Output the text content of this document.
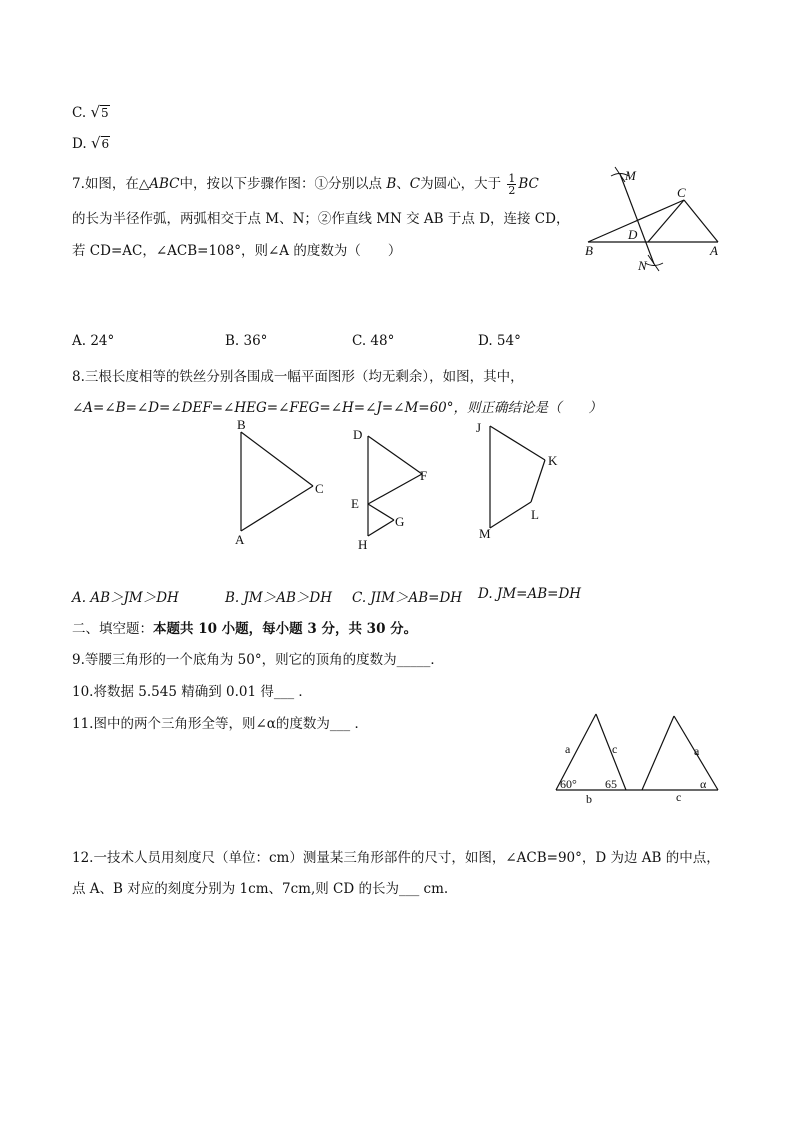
C. √5
D. √6
7.如图，在△ABC中，按以下步骤作图：①分别以点 B、C为圆心，大于 $\frac{1}{2}$ BC
的长为半径作弧，两弧相交于点 M、N；②作直线 MN 交 AB 于点 D，连接 CD，
若 CD=AC，∠ACB=108°，则∠A 的度数为（　　）
M
C
D
B	A
N
A. 24°	B. 36°	C. 48°	D. 54°
8.三根长度相等的铁丝分别各围成一幅平面图形（均无剩余），如图，其中，
∠A=∠B=∠D=∠DEF=∠HEG=∠FEG=∠H=∠J=∠M=60°，则正确结论是（　　）
B
C
A
D
F
E
G
H
J
K
L
M
A. AB＞JM＞DH	B. JM＞AB＞DH C. JIM＞AB=DH D. JM=AB=DH
二、填空题：本题共 10 小题，每小题 3 分，共 30 分。
9.等腰三角形的一个底角为 50°，则它的顶角的度数为_____．
10.将数据 5.545 精确到 0.01 得___ ．
11.图中的两个三角形全等，则∠α的度数为___ ．
a	c
b
60° 65
a
α
c
12.一技术人员用刻度尺（单位：cm）测量某三角形部件的尺寸，如图，∠ACB=90°，D 为边 AB 的中点，
点 A、B 对应的刻度分别为 1cm、7cm,则 CD 的长为___ cm.
